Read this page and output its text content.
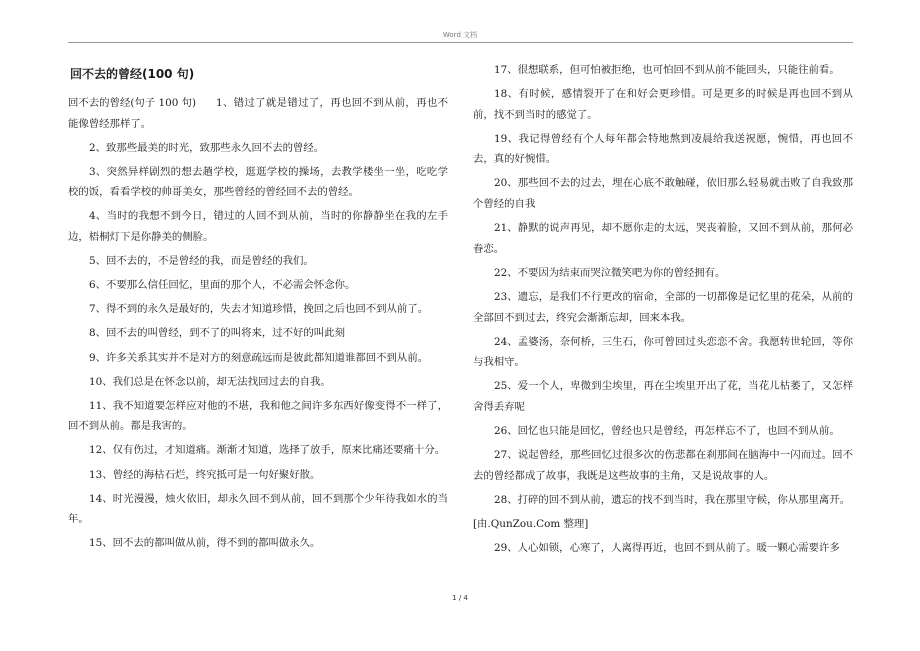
Word 文档
回不去的曾经(100 句)

回不去的曾经(句子 100 句) 1、错过了就是错过了，再也回不到从前，再也不能像曾经那样了。

2、致那些最美的时光，致那些永久回不去的曾经。

3、突然异样剧烈的想去趟学校，逛逛学校的操场，去教学楼坐一坐，吃吃学校的饭，看看学校的帅哥美女，那些曾经的曾经回不去的曾经。

4、当时的我想不到今日，错过的人回不到从前，当时的你静静坐在我的左手边，梧桐灯下是你静美的侧脸。

5、回不去的，不是曾经的我，而是曾经的我们。

6、不要那么信任回忆，里面的那个人，不必需会怀念你。

7、得不到的永久是最好的，失去才知道珍惜，挽回之后也回不到从前了。

8、回不去的叫曾经，到不了的叫将来，过不好的叫此刻

9、许多关系其实并不是对方的刻意疏远而是彼此都知道谁都回不到从前。

10、我们总是在怀念以前，却无法找回过去的自我。

11、我不知道要怎样应对他的不堪，我和他之间许多东西好像变得不一样了，回不到从前。都是我害的。

12、仅有伤过，才知道痛。渐渐才知道，选择了放手，原来比痛还要痛十分。

13、曾经的海枯石烂，终究抵可是一句好聚好散。

14、时光漫漫，烛火依旧，却永久回不到从前，回不到那个少年待我如水的当年。

15、回不去的都叫做从前，得不到的都叫做永久。

17、很想联系，但可怕被拒绝，也可怕回不到从前不能回头，只能往前看。

18、有时候，感情裂开了在和好会更珍惜。可是更多的时候是再也回不到从前，找不到当时的感觉了。

19、我记得曾经有个人每年都会特地熬到凌晨给我送祝愿，惋惜，再也回不去，真的好惋惜。

20、那些回不去的过去，埋在心底不敢触碰，依旧那么轻易就击败了自我致那个曾经的自我

21、静默的说声再见，却不愿你走的太远，哭丧着脸，又回不到从前，那何必眷恋。

22、不要因为结束而哭泣微笑吧为你的曾经拥有。

23、遗忘，是我们不行更改的宿命，全部的一切都像是记忆里的花朵，从前的全部回不到过去，终究会渐渐忘却，回来本我。

24、孟婆汤，奈何桥，三生石，你可曾回过头恋恋不舍。我愿转世轮回，等你与我相守。

25、爱一个人，卑微到尘埃里，再在尘埃里开出了花，当花儿枯萎了，又怎样舍得丢弃呢

26、回忆也只能是回忆，曾经也只是曾经，再怎样忘不了，也回不到从前。

27、说起曾经，那些回忆过很多次的伤悲都在刹那间在脑海中一闪而过。回不去的曾经都成了故事，我既是这些故事的主角，又是说故事的人。

28、打碎的回不到从前，遗忘的找不到当时，我在那里守候，你从那里离开。

[由.QunZou.Com 整理]

29、人心如锁，心寒了，人离得再近，也回不到从前了。暖一颗心需要许多

1 / 4
